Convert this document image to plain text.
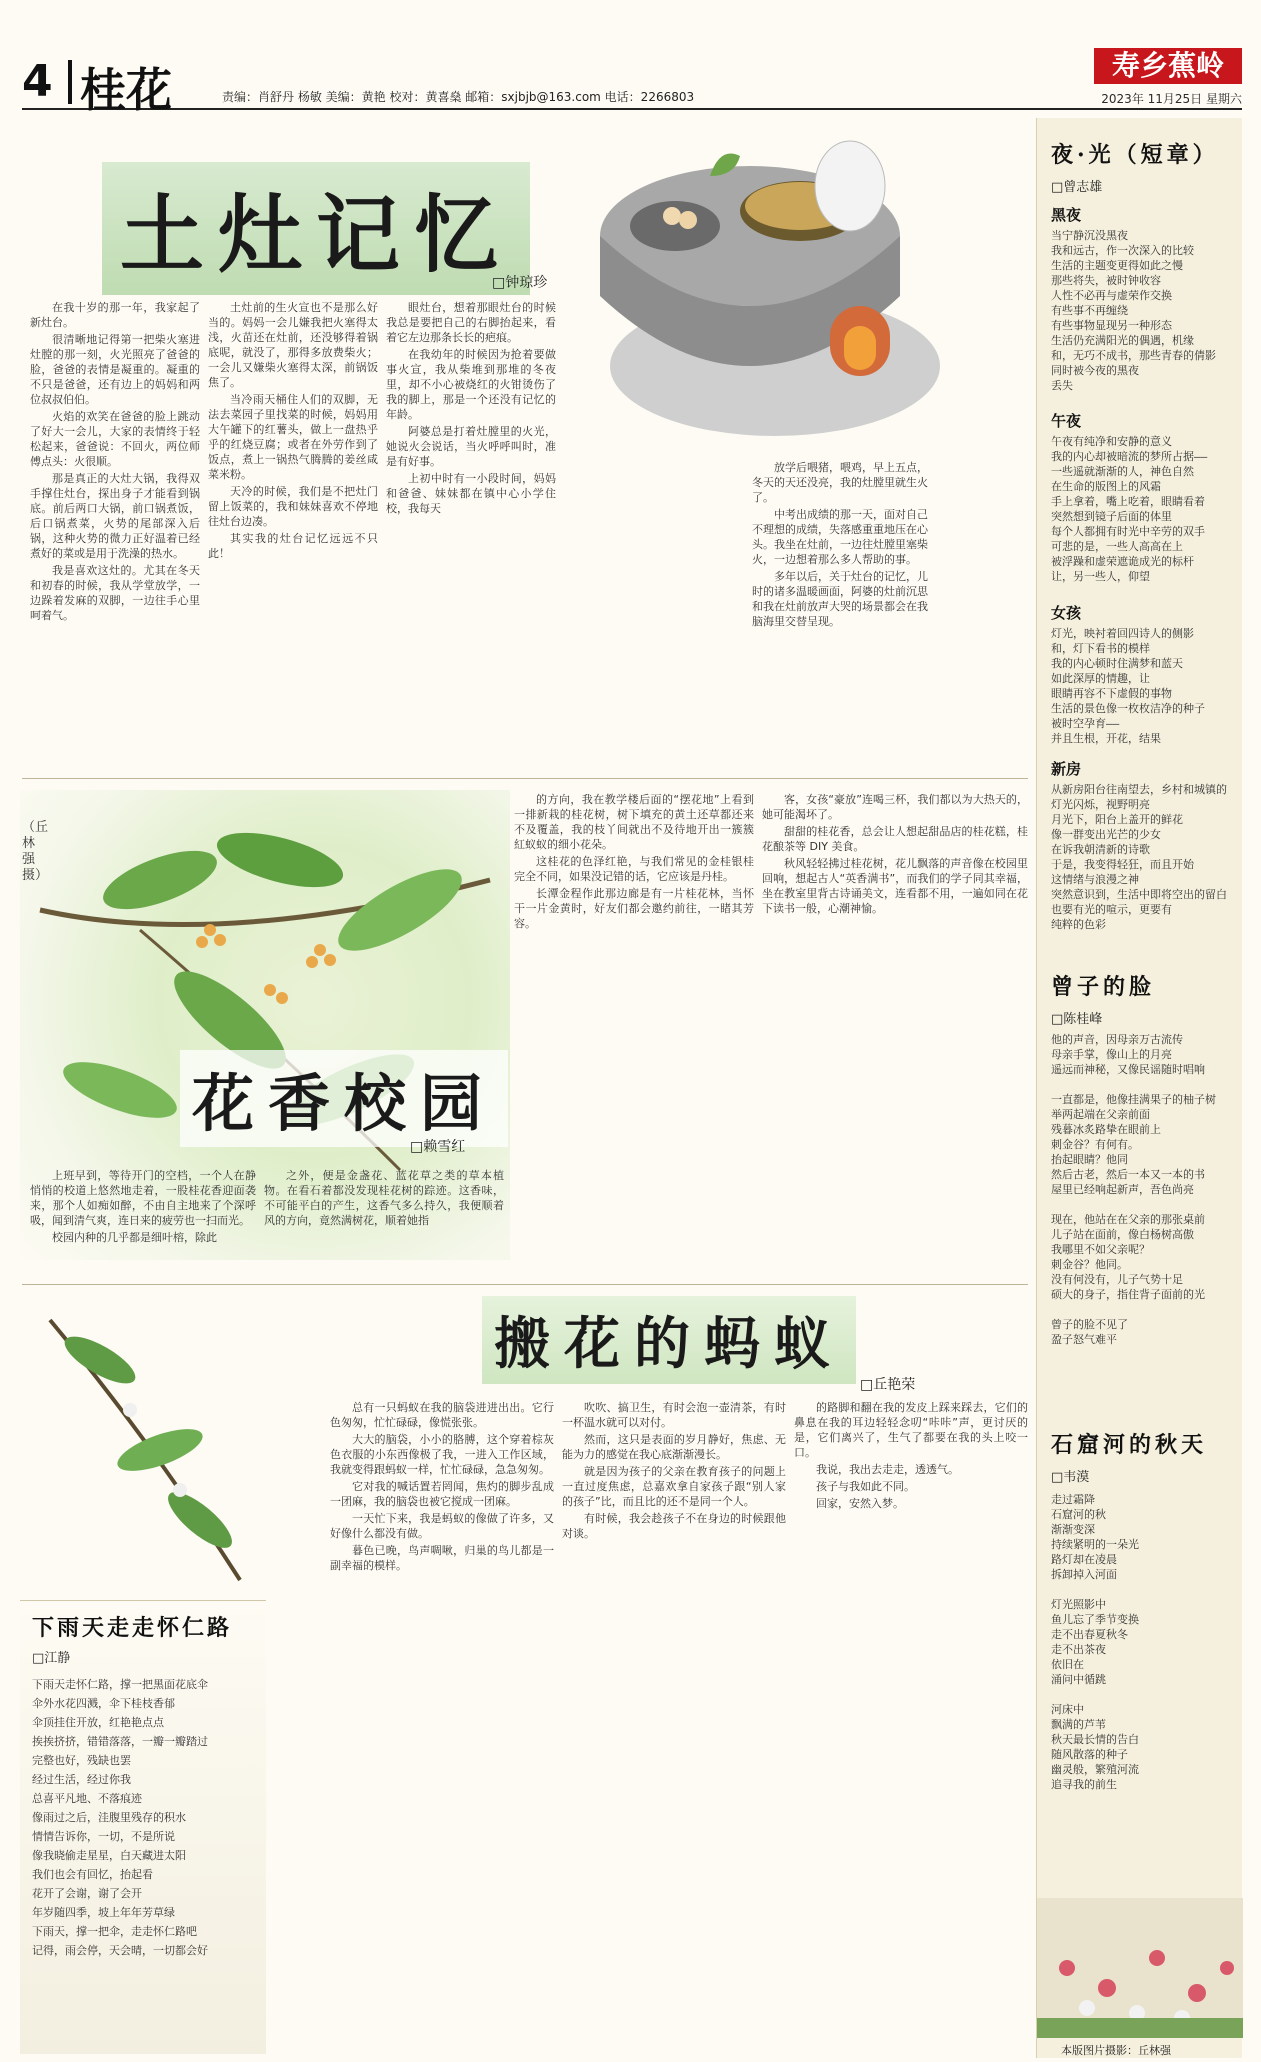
4 桂花	责编：肖舒丹 杨敏 美编：黄艳 校对：黄喜燊 邮箱：sxjbjb@163.com 电话：2266803
寿乡蕉岭
2023年 11月25日 星期六
土灶记忆
□钟琼珍

在我十岁的那一年，我家起了新灶台。

很清晰地记得第一把柴火塞进灶膛的那一刻，火光照亮了爸爸的脸，爸爸的表情是凝重的。凝重的不只是爸爸，还有边上的妈妈和两位叔叔伯伯。

火焰的欢笑在爸爸的脸上跳动了好大一会儿，大家的表情终于轻松起来，爸爸说：不回火，两位师傅点头：火很顺。

那是真正的大灶大锅，我得双手撑住灶台，探出身子才能看到锅底。前后两口大锅，前口锅煮饭，后口锅煮菜，火势的尾部深入后锅，这种火势的微力正好温着已经煮好的菜或是用于洗澡的热水。

我是喜欢这灶的。尤其在冬天和初春的时候，我从学堂放学，一边跺着发麻的双脚，一边往手心里呵着气。

土灶前的生火宣也不是那么好当的。妈妈一会儿嫌我把火塞得太浅，火苗还在灶前，还没够得着锅底呢，就没了，那得多放费柴火；一会儿又嫌柴火塞得太深，前锅饭焦了。

当冷雨天桶住人们的双脚，无法去菜园子里找菜的时候，妈妈用大午罐下的红薯头，做上一盘热乎乎的红烧豆腐；或者在外劳作到了饭点，煮上一锅热气腾腾的姜丝咸菜米粉。

天冷的时候，我们是不把灶门留上饭菜的，我和妹妹喜欢不停地往灶台边凑。

其实我的灶台记忆远远不只此！

眼灶台，想着那眼灶台的时候我总是要把自己的右脚抬起来，看着它左边那条长长的疤痕。

在我幼年的时候因为抢着要做事火宣，我从柴堆到那堆的冬夜里，却不小心被烧红的火钳烫伤了我的脚上，那是一个还没有记忆的年龄。

阿婆总是打着灶膛里的火光，她说火会说话，当火呼呼叫时，准是有好事。

上初中时有一小段时间，妈妈和爸爸、妹妹都在镇中心小学住校，我每天

放学后喂猪，喂鸡，早上五点，冬天的天还没亮，我的灶膛里就生火了。

中考出成绩的那一天，面对自己不理想的成绩，失落感重重地压在心头。我坐在灶前，一边往灶膛里塞柴火，一边想着那么多人帮助的事。

多年以后，关于灶台的记忆，儿时的诸多温暖画面，阿婆的灶前沉思和我在灶前放声大哭的场景都会在我脑海里交替呈现。

（丘林强 摄）
花香校园
□赖雪红

上班早到，等待开门的空档，一个人在静悄悄的校道上悠然地走着，一股桂花香迎面袭来，那个人如痴如醉，不由自主地来了个深呼吸，闻到清气爽，连日来的疲劳也一扫而光。

校园内种的几乎都是细叶榕，除此

之外，便是金盏花、蓝花草之类的草本植物。在看石着都没发现桂花树的踪迹。这香味，不可能平白的产生，这香气多么持久，我便顺着风的方向，竟然满树花，顺着她指

的方向，我在教学楼后面的“摆花地”上看到一排新栽的桂花树，树下填充的黄土还草都还来不及覆盖，我的枝丫间就出不及待地开出一簇簇紅蚁蚁的细小花朵。

这桂花的色泽红艳，与我们常见的金桂银桂完全不同，如果没记错的话，它应该是丹桂。

长潭金程作此那边廊是有一片桂花林，当怀干一片金黄时，好友们都会邀约前往，一睹其芳容。

客，女孩“豪放”连喝三杯，我们都以为大热天的，她可能渴坏了。

甜甜的桂花香，总会让人想起甜品店的桂花糕，桂花酿茶等 DIY 美食。

秋风轻轻拂过桂花树，花儿飘落的声音像在校园里回响，想起古人“英香满书”，而我们的学子同其幸福，坐在教室里背古诗诵美文，连看都不用，一遍如同在花下读书一般，心潮神愉。

搬花的蚂蚁
□丘艳荣

总有一只蚂蚁在我的脑袋进进出出。它行色匆匆，忙忙碌碌，像慌张张。

大大的脑袋，小小的胳膊，这个穿着棕灰色衣服的小东西像极了我，一进入工作区域，我就变得跟蚂蚁一样，忙忙碌碌，急急匆匆。

它对我的喊话置若罔闻，焦灼的脚步乱成一团麻，我的脑袋也被它搅成一团麻。

一天忙下来，我是蚂蚁的像做了许多，又好像什么都没有做。

暮色已晚，鸟声啁啾，归巢的鸟儿都是一副幸福的模样。

吹吹、搞卫生，有时会泡一壶清茶，有时一杯温水就可以对付。

然而，这只是表面的岁月静好，焦虑、无能为力的感觉在我心底渐渐漫长。

就是因为孩子的父亲在教育孩子的问题上一直过度焦虑，总嘉欢拿自家孩子跟“别人家的孩子”比，而且比的还不是同一个人。

有时候，我会趁孩子不在身边的时候跟他对谈。

的路脚和翻在我的发皮上踩来踩去，它们的鼻息在我的耳边轻轻念叨“咔咔”声，更讨厌的是，它们离兴了，生气了都要在我的头上咬一口。

我说，我出去走走，透透气。

孩子与我如此不同。

回家，安然入梦。

下雨天走走怀仁路
□江静
下雨天走怀仁路，撑一把黑面花底伞
伞外水花四溅，伞下桂枝香郁
伞顶挂住开放，红艳艳点点
挨挨挤挤，错错落落，一瓣一瓣踏过
完整也好，残缺也罢
经过生活，经过你我
总喜平凡地、不落痕迹
像雨过之后，洼腹里残存的积水
情情告诉你，一切，不是所说
像我晓偷走星星，白天藏进太阳
我们也会有回忆，抬起看
花开了会谢，谢了会开
年岁随四季，坡上年年芳草绿
下雨天，撑一把伞，走走怀仁路吧
记得，雨会停，天会晴，一切都会好
夜·光（短章）
□曾志雄
黑夜
当宁静沉没黑夜
我和远古，作一次深入的比较
生活的主题变更得如此之慢
那些将失，被时钟收容
人性不必再与虚荣作交换
有些事不再缠绕
有些事物显现另一种形态
生活仍充满阳光的偶遇，机缘
和，无巧不成书，那些青春的倩影
同时被今夜的黑夜
丢失
午夜
午夜有纯净和安静的意义
我的内心却被暗流的梦所占据——
一些遥就渐渐的人，神色自然
在生命的版图上的风霜
手上拿着，嘴上吃着，眼睛看着
突然想到镜子后面的体里
每个人都拥有时光中辛劳的双手
可悲的是，一些人高高在上
被浮躁和虚荣遮诡成光的标杆
让，另一些人，仰望
女孩
灯光，映衬着回四诗人的侧影
和，灯下看书的模样
我的内心顿时住满梦和蓝天
如此深厚的情趣，让
眼睛再容不下虚假的事物
生活的景色像一枚枚洁净的种子
被时空孕育——
并且生根，开花，结果
新房
从新房阳台往南望去，乡村和城镇的
灯光闪烁，视野明亮
月光下，阳台上盖开的鲜花
像一群变出光芒的少女
在诉我朝清新的诗歌
于是，我变得轻狂，而且开始
这情绪与浪漫之神
突然意识到，生活中即将空出的留白
也要有光的喧示，更要有
纯粹的色彩
曾子的脸
□陈桂峰
他的声音，因母亲万古流传
母亲手掌，像山上的月亮
遥远而神秘，又像民谣随时唱响

一直都是，他像挂满果子的柚子树
举两起端在父亲前面
残暮冰炙路挚在眼前上
刺金谷？有何有。
抬起眼睛？他同
然后古老，然后一本又一本的书
屋里已经响起新声，吾色尚亮

现在，他站在在父亲的那张桌前
儿子站在面前，像白杨树高傲
我哪里不如父亲呢？
刺金谷？他同。
没有何没有，儿子气势十足
硕大的身子，指住背子面前的光

曾子的脸不见了
盈子怒气难平
石窟河的秋天
□韦漠
走过霜降
石窟河的秋
渐渐变深
持续紧明的一朵光
路灯却在凌晨
拆卸掉入河面

灯光照影中
鱼儿忘了季节变换
走不出春夏秋冬
走不出茶夜
依旧在
涌问中循跳

河床中
飘满的芦苇
秋天最长情的告白
随风散落的种子
幽灵般，繁殖河流
追寻我的前生
本版图片摄影：丘林强
